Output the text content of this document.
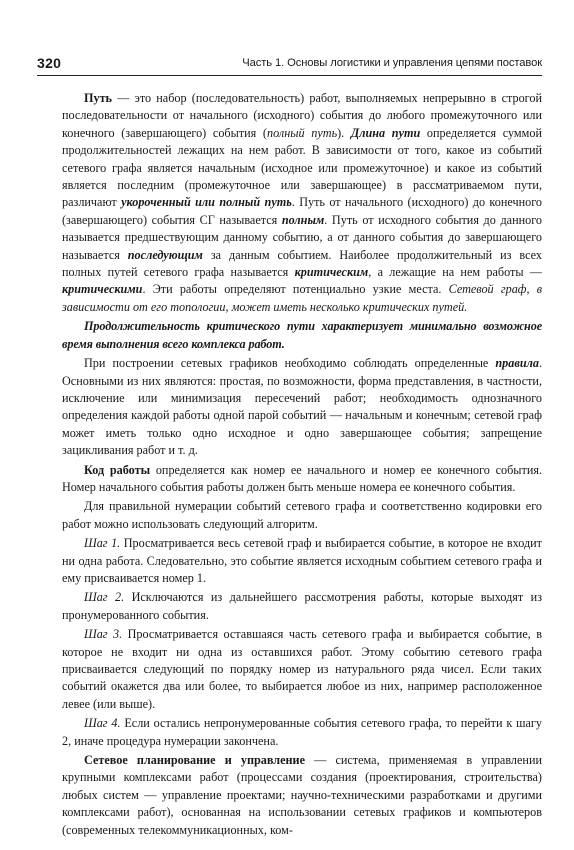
320	Часть 1. Основы логистики и управления цепями поставок

Путь — это набор (последовательность) работ, выполняемых непрерывно в строгой последовательности от начального (исходного) события до любого промежуточного или конечного (завершающего) события (полный путь). Длина пути определяется суммой продолжительностей лежащих на нем работ. В зависимости от того, какое из событий сетевого графа является начальным (исходное или промежуточное) и какое из событий является последним (промежуточное или завершающее) в рассматриваемом пути, различают укороченный или полный путь. Путь от начального (исходного) до конечного (завершающего) события СГ называется полным. Путь от исходного события до данного называется предшествующим данному событию, а от данного события до завершающего называется последующим за данным событием. Наиболее продолжительный из всех полных путей сетевого графа называется критическим, а лежащие на нем работы — критическими. Эти работы определяют потенциально узкие места. Сетевой граф, в зависимости от его топологии, может иметь несколько критических путей.

Продолжительность критического пути характеризует минимально возможное время выполнения всего комплекса работ.

При построении сетевых графиков необходимо соблюдать определенные правила. Основными из них являются: простая, по возможности, форма представления, в частности, исключение или минимизация пересечений работ; необходимость однозначного определения каждой работы одной парой событий — начальным и конечным; сетевой граф может иметь только одно исходное и одно завершающее события; запрещение зацикливания работ и т. д.

Код работы определяется как номер ее начального и номер ее конечного события. Номер начального события работы должен быть меньше номера ее конечного события.

Для правильной нумерации событий сетевого графа и соответственно кодировки его работ можно использовать следующий алгоритм.

Шаг 1. Просматривается весь сетевой граф и выбирается событие, в которое не входит ни одна работа. Следовательно, это событие является исходным событием сетевого графа и ему присваивается номер 1.

Шаг 2. Исключаются из дальнейшего рассмотрения работы, которые выходят из пронумерованного события.

Шаг 3. Просматривается оставшаяся часть сетевого графа и выбирается событие, в которое не входит ни одна из оставшихся работ. Этому событию сетевого графа присваивается следующий по порядку номер из натурального ряда чисел. Если таких событий окажется два или более, то выбирается любое из них, например расположенное левее (или выше).

Шаг 4. Если остались непронумерованные события сетевого графа, то перейти к шагу 2, иначе процедура нумерации закончена.

Сетевое планирование и управление — система, применяемая в управлении крупными комплексами работ (процессами создания (проектирования, строительства) любых систем — управление проектами; научно-техническими разработками и другими комплексами работ), основанная на использовании сетевых графиков и компьютеров (современных телекоммуникационных, ком-
